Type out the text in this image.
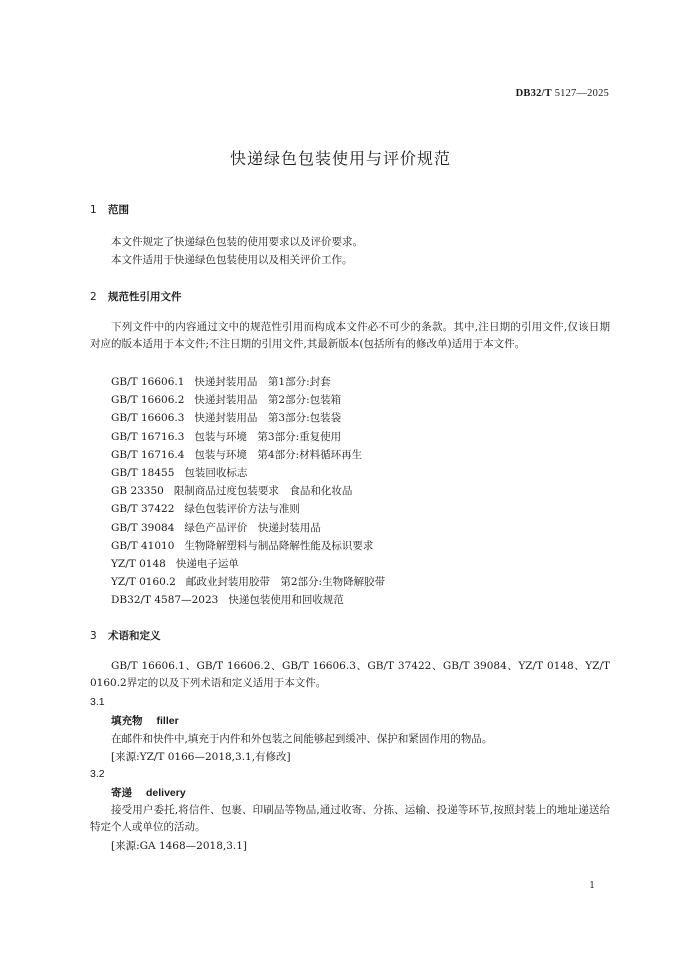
DB32/T 5127—2025
快递绿色包装使用与评价规范
1 范围
本文件规定了快递绿色包装的使用要求以及评价要求。
本文件适用于快递绿色包装使用以及相关评价工作。
2 规范性引用文件
下列文件中的内容通过文中的规范性引用而构成本文件必不可少的条款。其中,注日期的引用文件,仅该日期对应的版本适用于本文件;不注日期的引用文件,其最新版本(包括所有的修改单)适用于本文件。
GB/T 16606.1 快递封装用品　第1部分:封套
GB/T 16606.2 快递封装用品　第2部分:包装箱
GB/T 16606.3 快递封装用品　第3部分:包装袋
GB/T 16716.3 包装与环境　第3部分:重复使用
GB/T 16716.4 包装与环境　第4部分:材料循环再生
GB/T 18455 包装回收标志
GB 23350 限制商品过度包装要求　食品和化妆品
GB/T 37422 绿色包装评价方法与准则
GB/T 39084 绿色产品评价　快递封装用品
GB/T 41010 生物降解塑料与制品降解性能及标识要求
YZ/T 0148 快递电子运单
YZ/T 0160.2 邮政业封装用胶带　第2部分:生物降解胶带
DB32/T 4587—2023 快递包装使用和回收规范
3 术语和定义
GB/T 16606.1、GB/T 16606.2、GB/T 16606.3、GB/T 37422、GB/T 39084、YZ/T 0148、YZ/T 0160.2界定的以及下列术语和定义适用于本文件。
3.1
填充物 filler
在邮件和快件中,填充于内件和外包装之间能够起到缓冲、保护和紧固作用的物品。
[来源:YZ/T 0166—2018,3.1,有修改]
3.2
寄递 delivery
接受用户委托,将信件、包裹、印刷品等物品,通过收寄、分拣、运输、投递等环节,按照封装上的地址递送给特定个人或单位的活动。
[来源:GA 1468—2018,3.1]
1
